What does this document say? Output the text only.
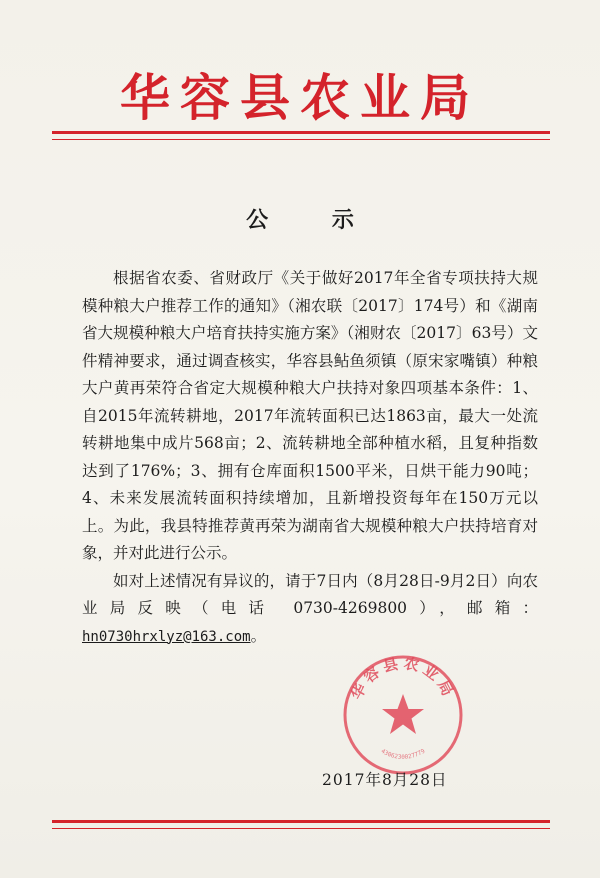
华容县农业局
公 示

根据省农委、省财政厅《关于做好2017年全省专项扶持大规模种粮大户推荐工作的通知》（湘农联〔2017〕174号）和《湖南省大规模种粮大户培育扶持实施方案》（湘财农〔2017〕63号）文件精神要求，通过调查核实，华容县鲇鱼须镇（原宋家嘴镇）种粮大户黄再荣符合省定大规模种粮大户扶持对象四项基本条件：1、自2015年流转耕地，2017年流转面积已达1863亩，最大一处流转耕地集中成片568亩；2、流转耕地全部种植水稻，且复种指数达到了176%；3、拥有仓库面积1500平米，日烘干能力90吨；4、未来发展流转面积持续增加，且新增投资每年在150万元以上。为此，我县特推荐黄再荣为湖南省大规模种粮大户扶持培育对象，并对此进行公示。

如对上述情况有异议的，请于7日内（8月28日-9月2日）向农业局反映（电话 0730-4269800），邮箱：hn0730hrxlyz@163.com。

华容县农业局
4306230027779
2017年8月28日
